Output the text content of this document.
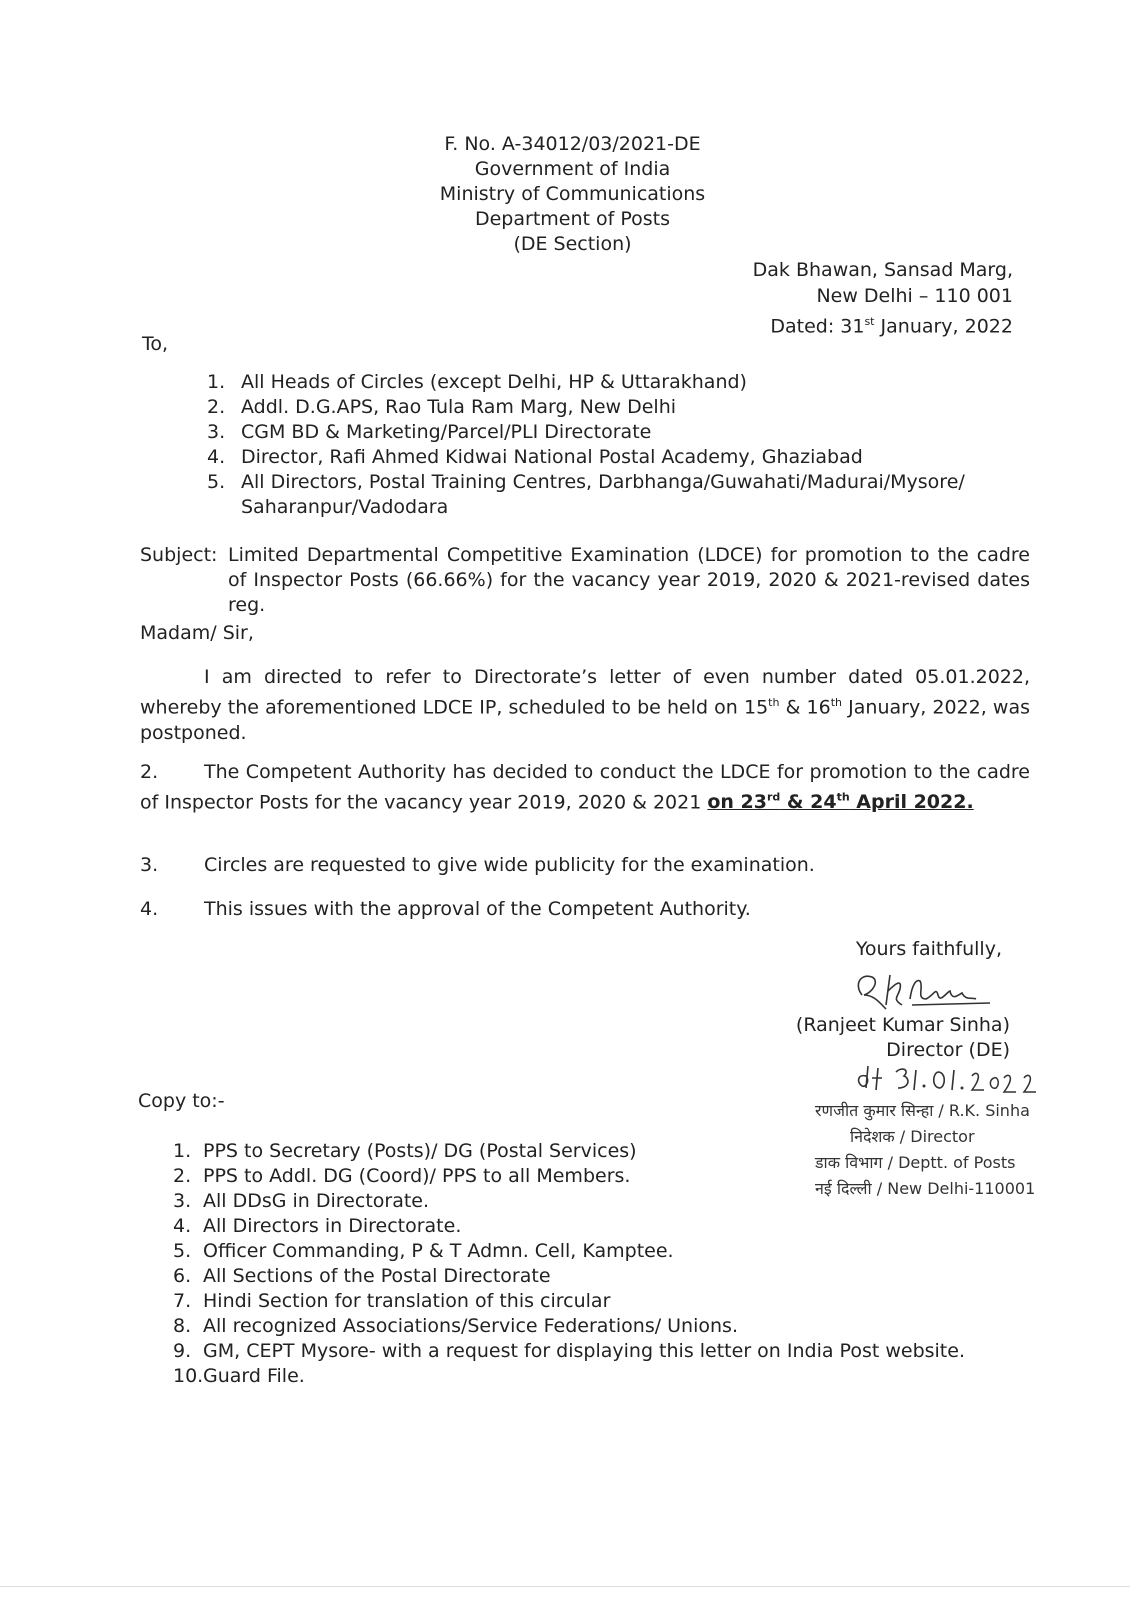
F. No. A-34012/03/2021-DE
Government of India
Ministry of Communications
Department of Posts
(DE Section)
Dak Bhawan, Sansad Marg,
New Delhi – 110 001
Dated: 31st January, 2022
To,
1. All Heads of Circles (except Delhi, HP & Uttarakhand)
2. Addl. D.G.APS, Rao Tula Ram Marg, New Delhi
3. CGM BD & Marketing/Parcel/PLI Directorate
4. Director, Rafi Ahmed Kidwai National Postal Academy, Ghaziabad
5. All Directors, Postal Training Centres, Darbhanga/Guwahati/Madurai/Mysore/ Saharanpur/Vadodara
Subject: Limited Departmental Competitive Examination (LDCE) for promotion to the cadre of Inspector Posts (66.66%) for the vacancy year 2019, 2020 & 2021-revised dates reg.
Madam/ Sir,
I am directed to refer to Directorate’s letter of even number dated 05.01.2022, whereby the aforementioned LDCE IP, scheduled to be held on 15th & 16th January, 2022, was postponed.
2. The Competent Authority has decided to conduct the LDCE for promotion to the cadre of Inspector Posts for the vacancy year 2019, 2020 & 2021 on 23rd & 24th April 2022.
3. Circles are requested to give wide publicity for the examination.
4. This issues with the approval of the Competent Authority.
Yours faithfully,
(Ranjeet Kumar Sinha)
Director (DE)
रणजीत कुमार सिन्हा / R.K. Sinha
निदेशक / Director
डाक विभाग / Deptt. of Posts
नई दिल्ली / New Delhi-110001
Copy to:-
1. PPS to Secretary (Posts)/ DG (Postal Services)
2. PPS to Addl. DG (Coord)/ PPS to all Members.
3. All DDsG in Directorate.
4. All Directors in Directorate.
5. Officer Commanding, P & T Admn. Cell, Kamptee.
6. All Sections of the Postal Directorate
7. Hindi Section for translation of this circular
8. All recognized Associations/Service Federations/ Unions.
9. GM, CEPT Mysore- with a request for displaying this letter on India Post website.
10. Guard File.
